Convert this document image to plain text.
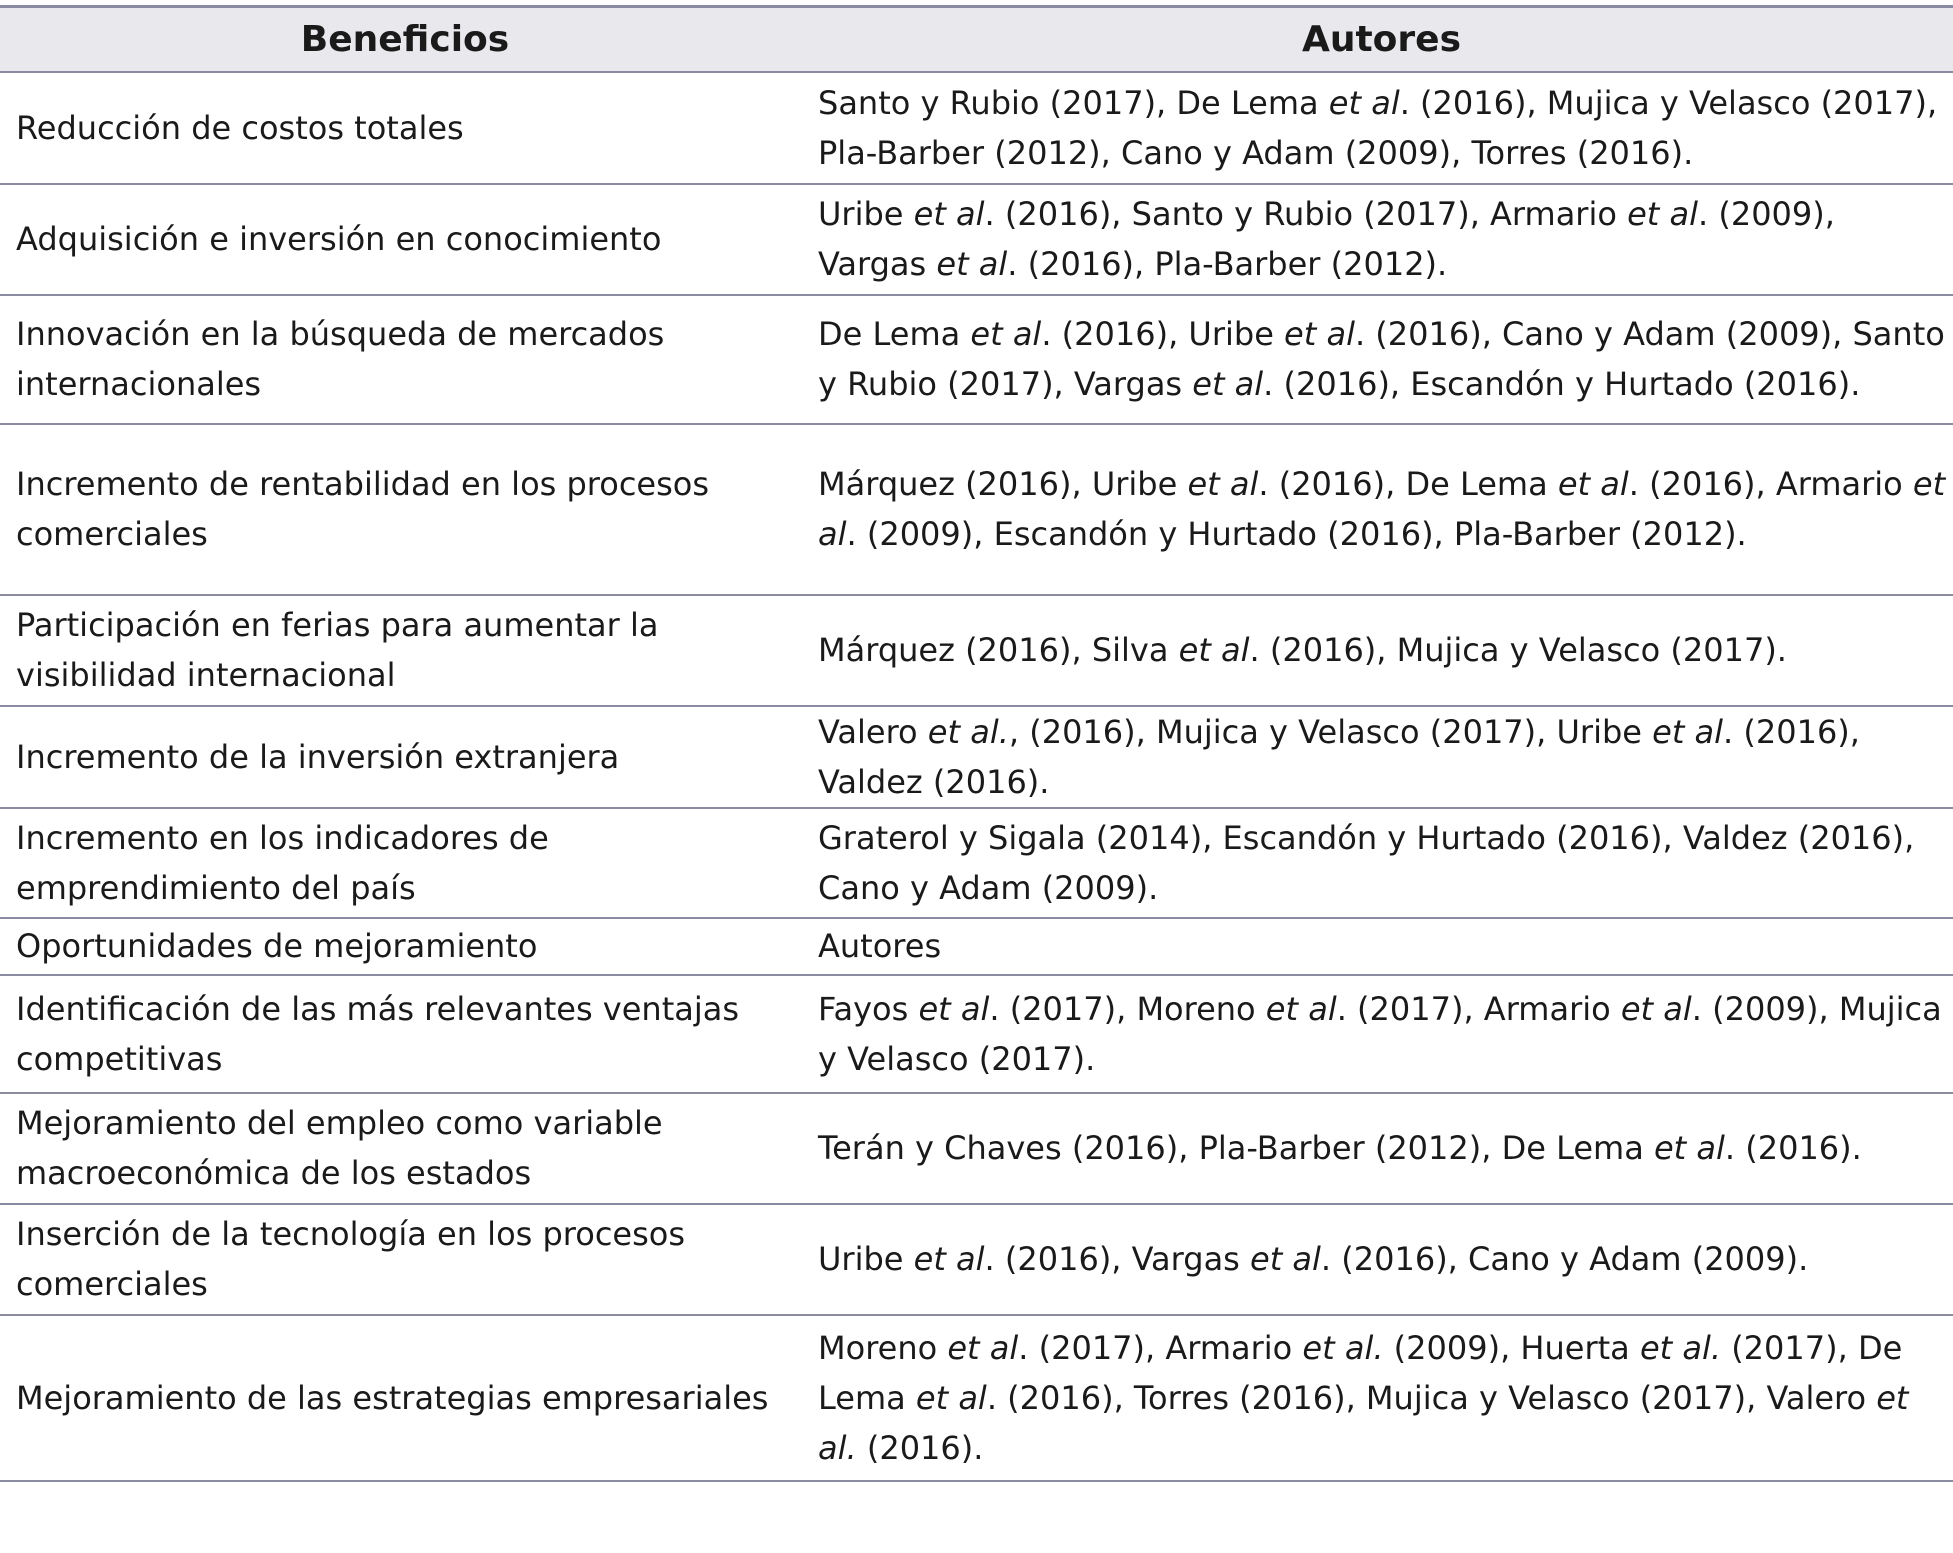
Beneficios	Autores
Reducción de costos totales	Santo y Rubio (2017), De Lema et al. (2016), Mujica y Velasco (2017), Pla-Barber (2012), Cano y Adam (2009), Torres (2016).
Adquisición e inversión en conocimiento	Uribe et al. (2016), Santo y Rubio (2017), Armario et al. (2009), Vargas et al. (2016), Pla-Barber (2012).
Innovación en la búsqueda de mercados internacionales	De Lema et al. (2016), Uribe et al. (2016), Cano y Adam (2009), Santo y Rubio (2017), Vargas et al. (2016), Escandón y Hurtado (2016).
Incremento de rentabilidad en los procesos comerciales	Márquez (2016), Uribe et al. (2016), De Lema et al. (2016), Armario et al. (2009), Escandón y Hurtado (2016), Pla-Barber (2012).
Participación en ferias para aumentar la visibilidad internacional	Márquez (2016), Silva et al. (2016), Mujica y Velasco (2017).
Incremento de la inversión extranjera	Valero et al., (2016), Mujica y Velasco (2017), Uribe et al. (2016), Valdez (2016).
Incremento en los indicadores de emprendimiento del país	Graterol y Sigala (2014), Escandón y Hurtado (2016), Valdez (2016), Cano y Adam (2009).
Oportunidades de mejoramiento	Autores
Identificación de las más relevantes ventajas competitivas	Fayos et al. (2017), Moreno et al. (2017), Armario et al. (2009), Mujica y Velasco (2017).
Mejoramiento del empleo como variable macroeconómica de los estados	Terán y Chaves (2016), Pla-Barber (2012), De Lema et al. (2016).
Inserción de la tecnología en los procesos comerciales	Uribe et al. (2016), Vargas et al. (2016), Cano y Adam (2009).
Mejoramiento de las estrategias empresariales	Moreno et al. (2017), Armario et al. (2009), Huerta et al. (2017), De Lema et al. (2016), Torres (2016), Mujica y Velasco (2017), Valero et al. (2016).
